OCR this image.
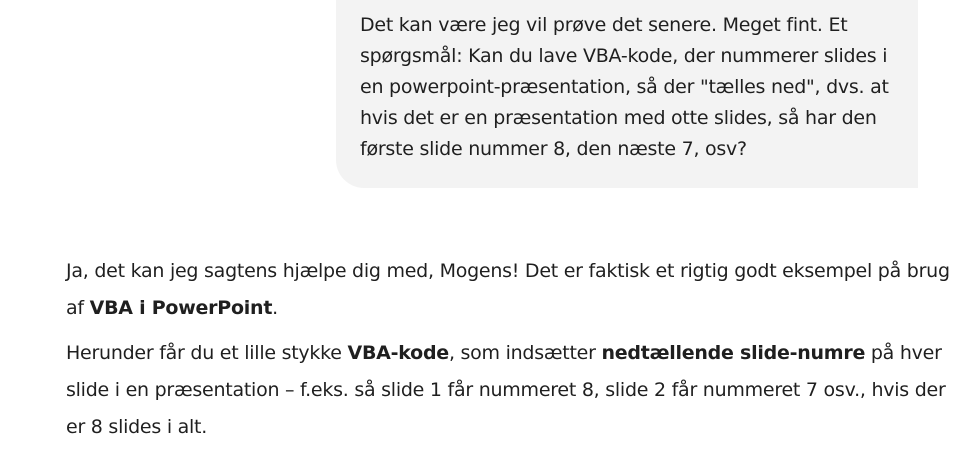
Det kan være jeg vil prøve det senere. Meget fint. Et spørgsmål: Kan du lave VBA-kode, der nummerer slides i en powerpoint-præsentation, så der "tælles ned", dvs. at hvis det er en præsentation med otte slides, så har den første slide nummer 8, den næste 7, osv?

Ja, det kan jeg sagtens hjælpe dig med, Mogens! Det er faktisk et rigtig godt eksempel på brug af VBA i PowerPoint.

Herunder får du et lille stykke VBA-kode, som indsætter nedtællende slide-numre på hver slide i en præsentation – f.eks. så slide 1 får nummeret 8, slide 2 får nummeret 7 osv., hvis der er 8 slides i alt.
